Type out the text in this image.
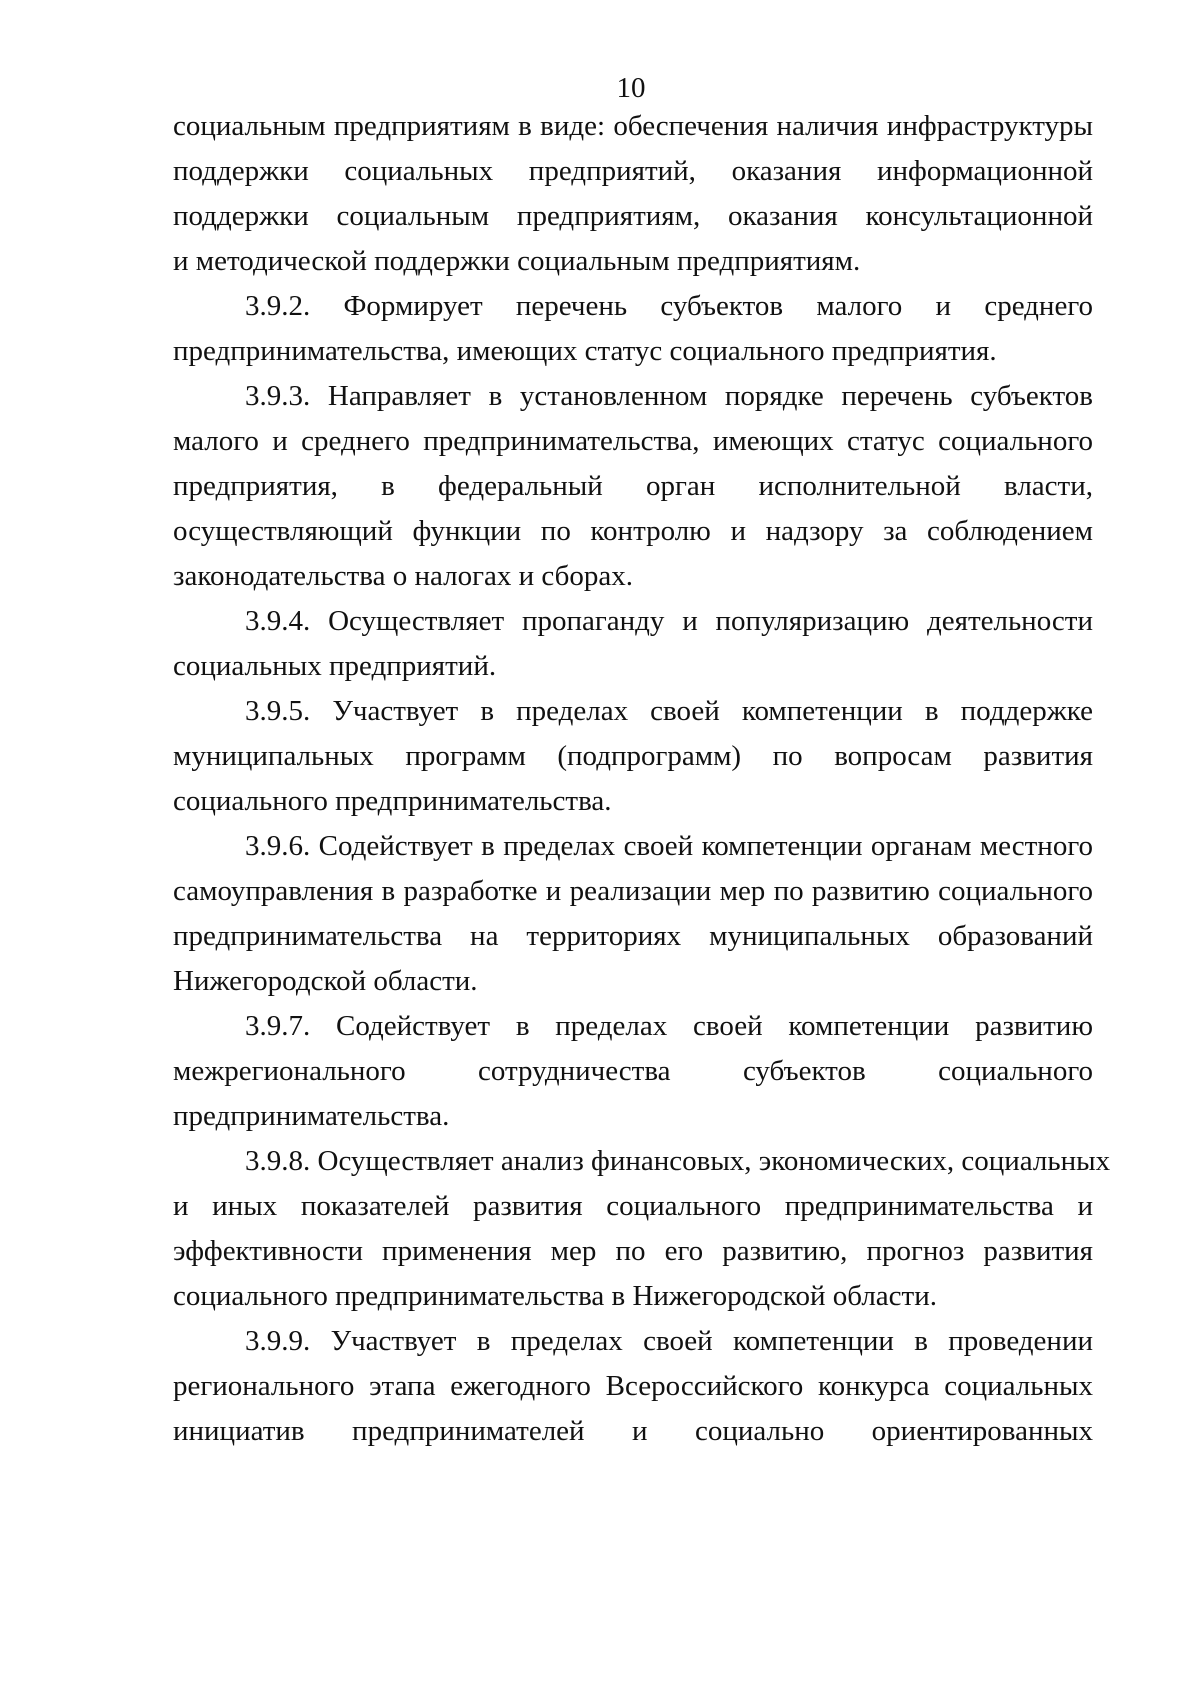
10
социальным предприятиям в виде: обеспечения наличия инфраструктуры
поддержки социальных предприятий, оказания информационной
поддержки социальным предприятиям, оказания консультационной
и методической поддержки социальным предприятиям.
3.9.2. Формирует перечень субъектов малого и среднего
предпринимательства, имеющих статус социального предприятия.
3.9.3. Направляет в установленном порядке перечень субъектов
малого и среднего предпринимательства, имеющих статус социального
предприятия, в федеральный орган исполнительной власти,
осуществляющий функции по контролю и надзору за соблюдением
законодательства о налогах и сборах.
3.9.4. Осуществляет пропаганду и популяризацию деятельности
социальных предприятий.
3.9.5. Участвует в пределах своей компетенции в поддержке
муниципальных программ (подпрограмм) по вопросам развития
социального предпринимательства.
3.9.6. Содействует в пределах своей компетенции органам местного
самоуправления в разработке и реализации мер по развитию социального
предпринимательства на территориях муниципальных образований
Нижегородской области.
3.9.7. Содействует в пределах своей компетенции развитию
межрегионального сотрудничества субъектов социального
предпринимательства.
3.9.8. Осуществляет анализ финансовых, экономических, социальных
и иных показателей развития социального предпринимательства и
эффективности применения мер по его развитию, прогноз развития
социального предпринимательства в Нижегородской области.
3.9.9. Участвует в пределах своей компетенции в проведении
регионального этапа ежегодного Всероссийского конкурса социальных
инициатив предпринимателей и социально ориентированных
